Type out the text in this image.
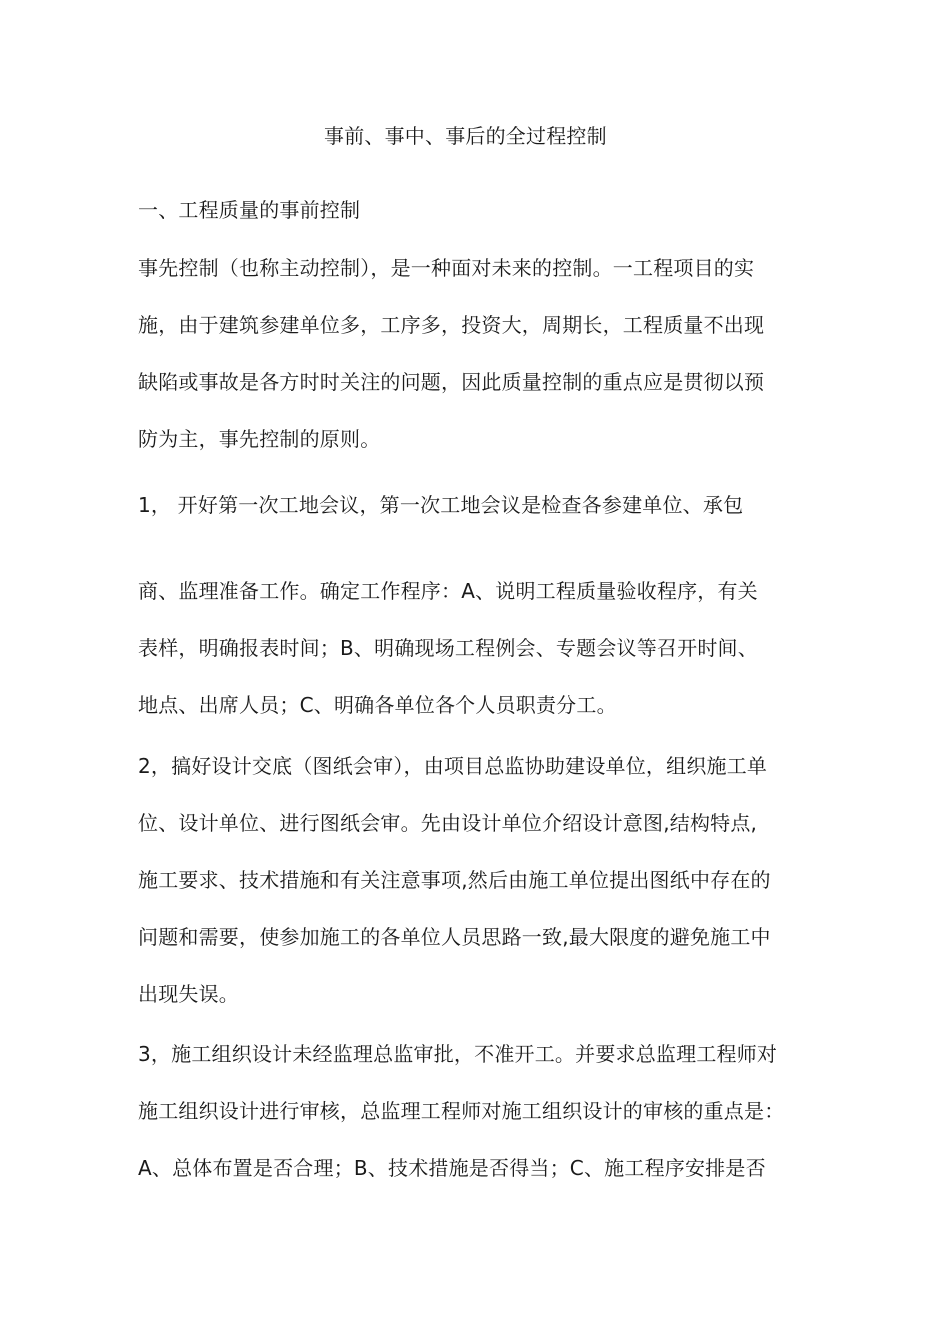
事前、事中、事后的全过程控制
一、工程质量的事前控制
事先控制（也称主动控制），是一种面对未来的控制。一工程项目的实
施，由于建筑参建单位多，工序多，投资大，周期长，工程质量不出现
缺陷或事故是各方时时关注的问题，因此质量控制的重点应是贯彻以预
防为主，事先控制的原则。
1， 开好第一次工地会议，第一次工地会议是检查各参建单位、承包
商、监理准备工作。确定工作程序：A、说明工程质量验收程序，有关
表样，明确报表时间；B、明确现场工程例会、专题会议等召开时间、
地点、出席人员；C、明确各单位各个人员职责分工。
2，搞好设计交底（图纸会审），由项目总监协助建设单位，组织施工单
位、设计单位、进行图纸会审。先由设计单位介绍设计意图,结构特点,
施工要求、技术措施和有关注意事项,然后由施工单位提出图纸中存在的
问题和需要，使参加施工的各单位人员思路一致,最大限度的避免施工中
出现失误。
3，施工组织设计未经监理总监审批，不准开工。并要求总监理工程师对
施工组织设计进行审核，总监理工程师对施工组织设计的审核的重点是：
A、总体布置是否合理；B、技术措施是否得当；C、施工程序安排是否
